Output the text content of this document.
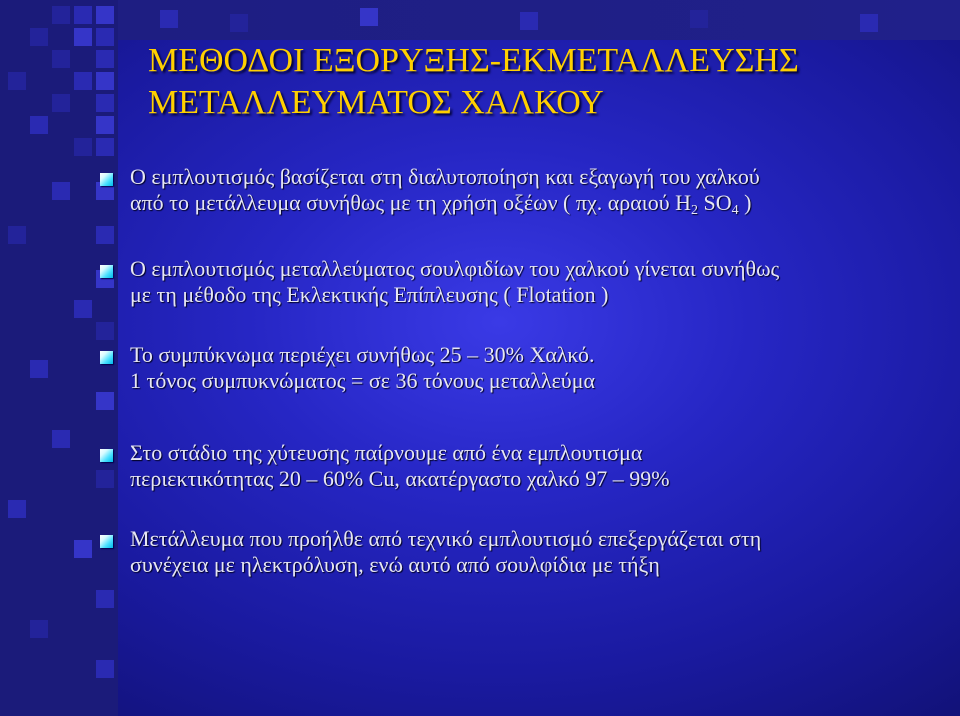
ΜΕΘΟΔΟΙ ΕΞΟΡΥΞΗΣ-ΕΚΜΕΤΑΛΛΕΥΣΗΣ
ΜΕΤΑΛΛΕΥΜΑΤΟΣ ΧΑΛΚΟΥ

Ο εμπλουτισμός βασίζεται στη διαλυτοποίηση και εξαγωγή του χαλκού
από το μετάλλευμα συνήθως με τη χρήση οξέων ( πχ. αραιού $H_2$ $SO_4$ )

Ο εμπλουτισμός μεταλλεύματος σουλφιδίων του χαλκού γίνεται συνήθως
με τη μέθοδο της Εκλεκτικής Επίπλευσης ( Flotation )

Το συμπύκνωμα περιέχει συνήθως 25 – 30% Χαλκό.
1 τόνος συμπυκνώματος = σε 36 τόνους μεταλλεύμα

Στο στάδιο της χύτευσης παίρνουμε από ένα εμπλουτισμα
περιεκτικότητας 20 – 60% Cu, ακατέργαστο χαλκό 97 – 99%

Μετάλλευμα που προήλθε από τεχνικό εμπλουτισμό επεξεργάζεται στη
συνέχεια με ηλεκτρόλυση, ενώ αυτό από σουλφίδια με τήξη
